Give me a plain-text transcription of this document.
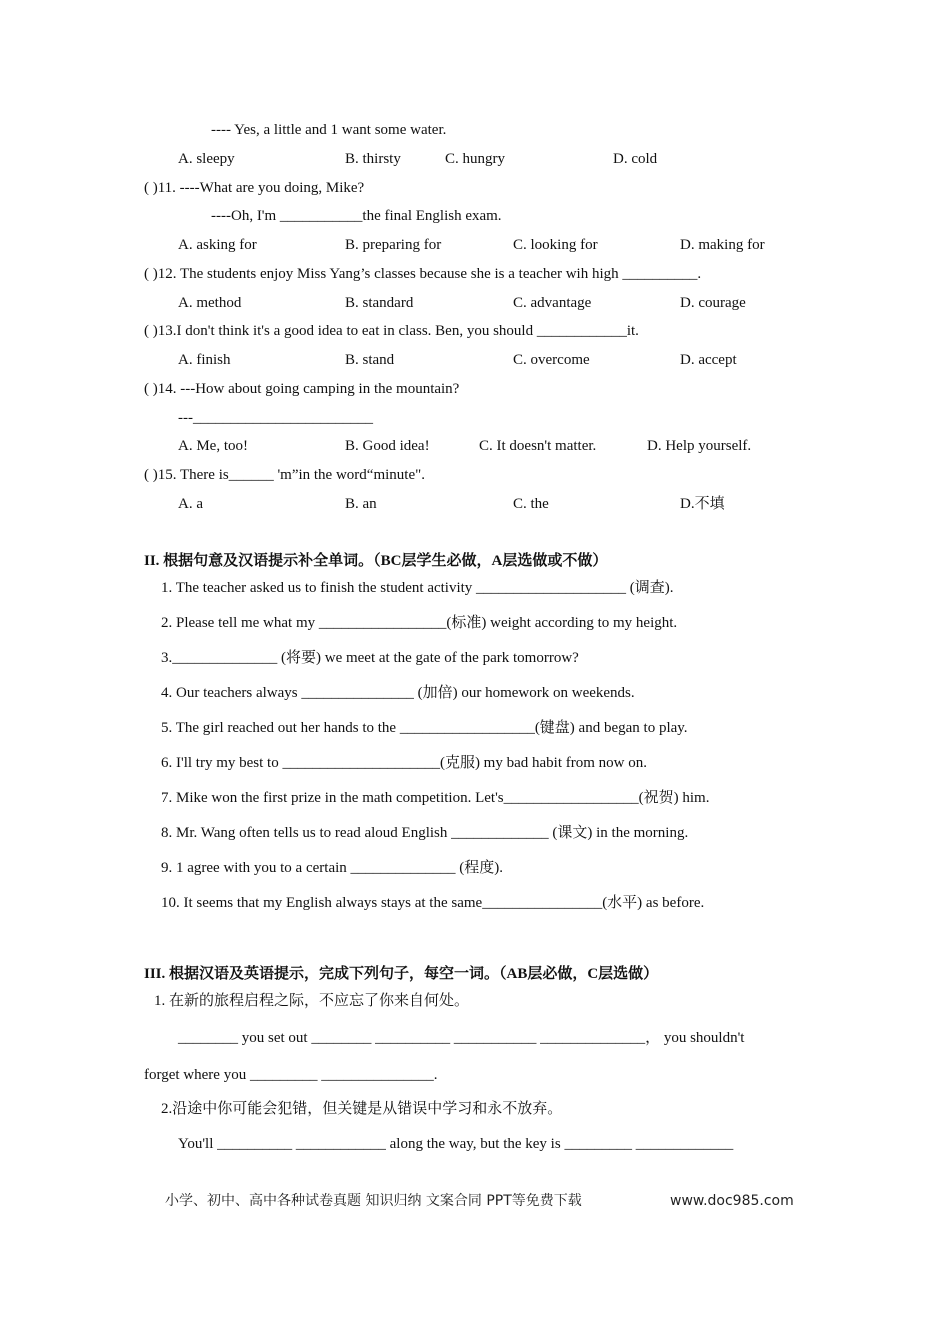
---- Yes, a little and 1 want some water.
A. sleepy	B. thirsty	C. hungry	D. cold
( )11. ----What are you doing, Mike?
----Oh, I'm ___________the final English exam.
A. asking for	B. preparing for	C. looking for	D. making for
( )12. The students enjoy Miss Yang’s classes because she is a teacher wih high __________.
A. method	B. standard	C. advantage	D. courage
( )13.I don't think it's a good idea to eat in class. Ben, you should ____________it.
A. finish	B. stand	C. overcome	D. accept
( )14. ---How about going camping in the mountain?
---________________________
A. Me, too!	B. Good idea!	C. It doesn't matter.	D. Help yourself.
( )15. There is______ 'm”in the word“minute".
A. a	B. an	C. the	D.不填
II. 根据句意及汉语提示补全单词。（BC层学生必做，A层选做或不做）
1. The teacher asked us to finish the student activity ____________________ (调查).
2. Please tell me what my _________________(标准) weight according to my height.
3.______________ (将要) we meet at the gate of the park tomorrow?
4. Our teachers always _______________ (加倍) our homework on weekends.
5. The girl reached out her hands to the __________________(键盘) and began to play.
6. I'll try my best to _____________________(克服) my bad habit from now on.
7. Mike won the first prize in the math competition. Let's__________________(祝贺) him.
8. Mr. Wang often tells us to read aloud English _____________ (课文) in the morning.
9. 1 agree with you to a certain ______________ (程度).
10. It seems that my English always stays at the same________________(水平) as before.
III. 根据汉语及英语提示，完成下列句子，每空一词。（AB层必做，C层选做）
1. 在新的旅程启程之际，不应忘了你来自何处。
________ you set out ________ __________ ___________ ______________， you shouldn't
forget where you _________ _______________.
2.沿途中你可能会犯错，但关键是从错误中学习和永不放弃。
You'll __________ ____________ along the way, but the key is _________ _____________
小学、初中、高中各种试卷真题 知识归纳 文案合同 PPT等免费下载	www.doc985.com
